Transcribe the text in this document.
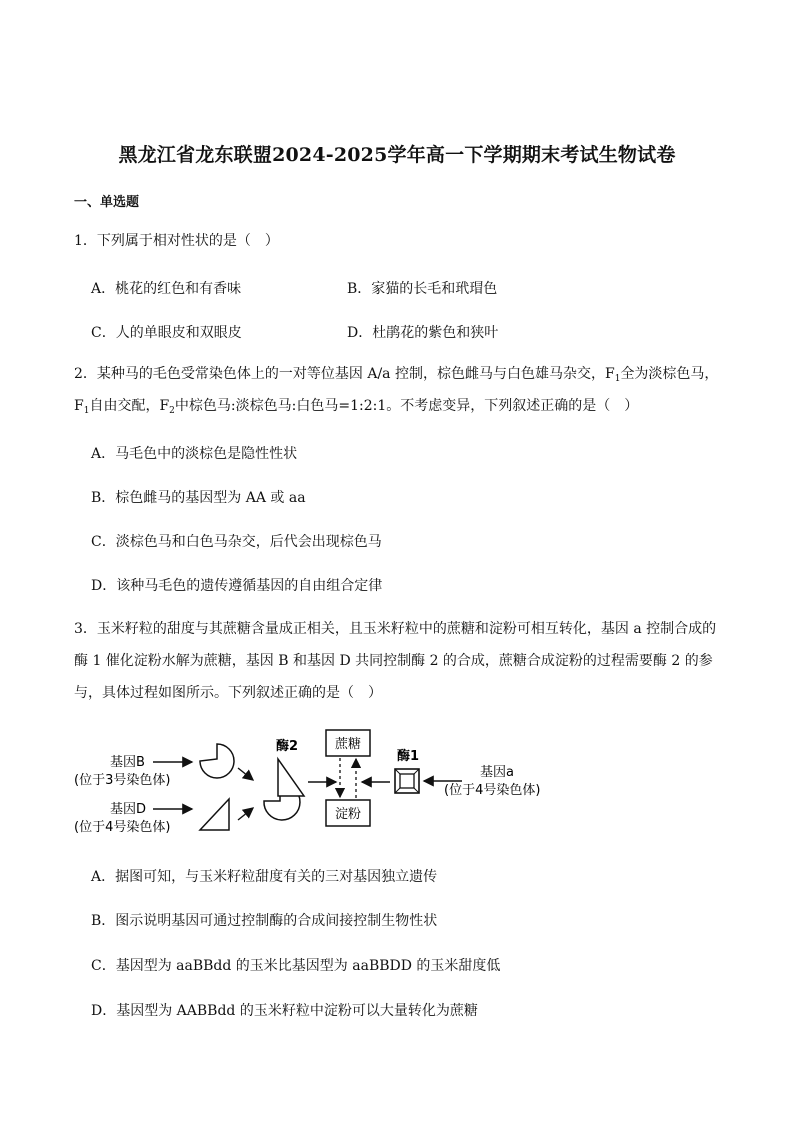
黑龙江省龙东联盟2024-2025学年高一下学期期末考试生物试卷
一、单选题
1．下列属于相对性状的是（　）
A．桃花的红色和有香味	B．家猫的长毛和玳瑁色
C．人的单眼皮和双眼皮	D．杜鹃花的紫色和狭叶
2．某种马的毛色受常染色体上的一对等位基因 A/a 控制，棕色雌马与白色雄马杂交，$F_1$全为淡棕色马，$F_1$自由交配，$F_2$中棕色马:淡棕色马:白色马=1:2:1。不考虑变异，下列叙述正确的是（　）
A．马毛色中的淡棕色是隐性性状
B．棕色雌马的基因型为 AA 或 aa
C．淡棕色马和白色马杂交，后代会出现棕色马
D．该种马毛色的遗传遵循基因的自由组合定律
3．玉米籽粒的甜度与其蔗糖含量成正相关，且玉米籽粒中的蔗糖和淀粉可相互转化，基因 a 控制合成的酶 1 催化淀粉水解为蔗糖，基因 B 和基因 D 共同控制酶 2 的合成，蔗糖合成淀粉的过程需要酶 2 的参与，具体过程如图所示。下列叙述正确的是（　）
基因B
(位于3号染色体)
基因D
(位于4号染色体)
酶2	蔗糖
淀粉
酶1
基因a
(位于4号染色体)
A．据图可知，与玉米籽粒甜度有关的三对基因独立遗传
B．图示说明基因可通过控制酶的合成间接控制生物性状
C．基因型为 aaBBdd 的玉米比基因型为 aaBBDD 的玉米甜度低
D．基因型为 AABBdd 的玉米籽粒中淀粉可以大量转化为蔗糖
